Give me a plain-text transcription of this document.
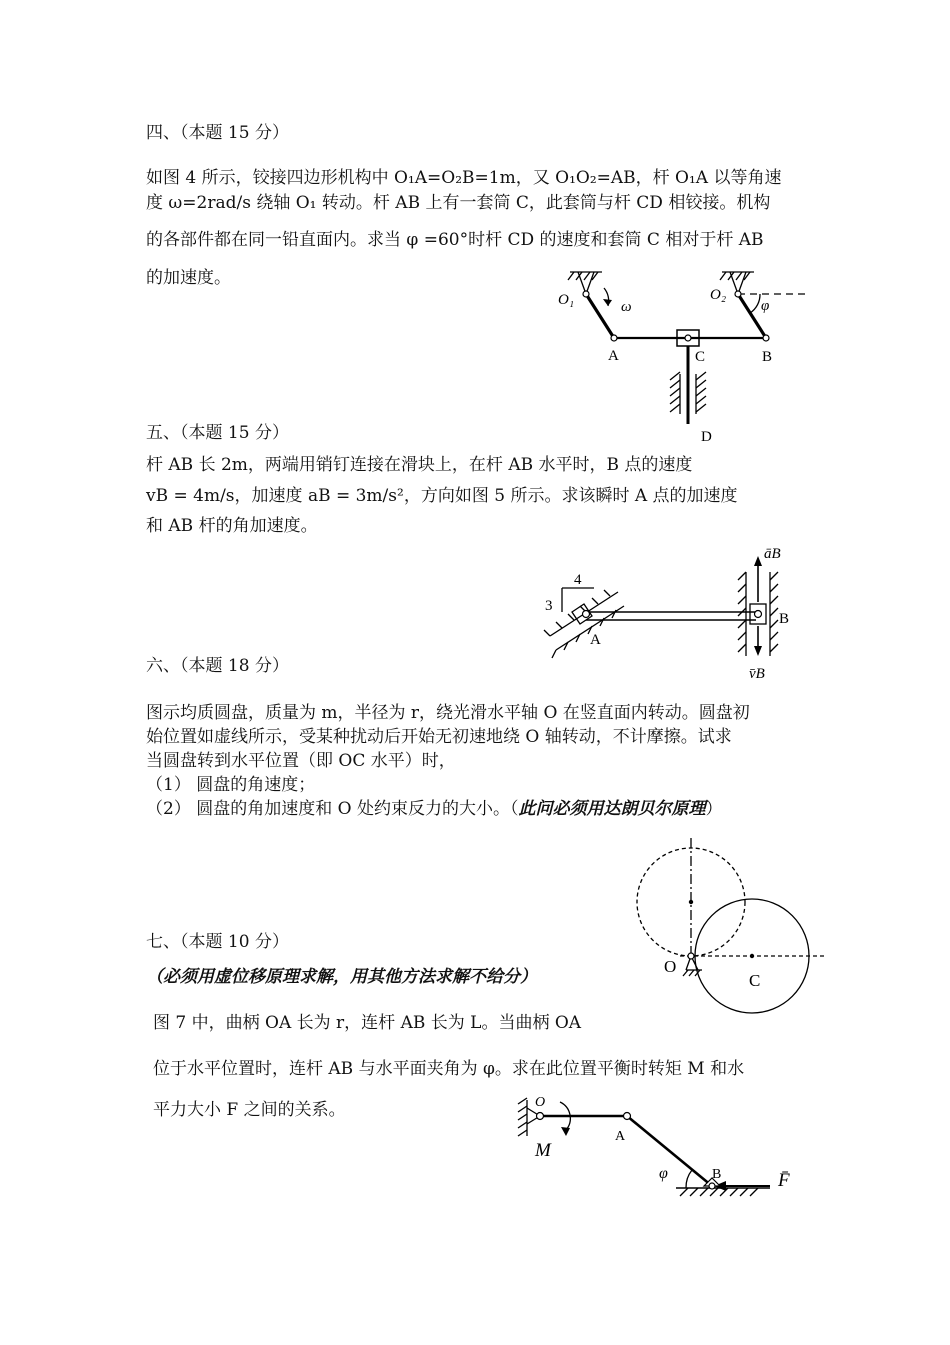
四、（本题 15 分）
如图 4 所示，铰接四边形机构中 O₁A=O₂B=1m，又 O₁O₂=AB，杆 O₁A 以等角速
度 ω=2rad/s 绕轴 O₁ 转动。杆 AB 上有一套筒 C，此套筒与杆 CD 相铰接。机构
的各部件都在同一铅直面内。求当 φ =60°时杆 CD 的速度和套筒 C 相对于杆 AB
的加速度。
O₁	ω
O₂
φ
A	C	B
D
五、（本题 15 分）
杆 AB 长 2m，两端用销钉连接在滑块上，在杆 AB 水平时，B 点的速度
vB = 4m/s，加速度 aB = 3m/s²，方向如图 5 所示。求该瞬时 A 点的加速度
和 AB 杆的角加速度。
4
3
A
B
āB
v̄B
六、（本题 18 分）
图示均质圆盘，质量为 m，半径为 r，绕光滑水平轴 O 在竖直面内转动。圆盘初
始位置如虚线所示，受某种扰动后开始无初速地绕 O 轴转动，不计摩擦。试求
当圆盘转到水平位置（即 OC 水平）时，
（1） 圆盘的角速度；
（2） 圆盘的角加速度和 O 处约束反力的大小。（此问必须用达朗贝尔原理）
O
C
七、（本题 10 分）
（必须用虚位移原理求解，用其他方法求解不给分）
图 7 中，曲柄 OA 长为 r，连杆 AB 长为 L。当曲柄 OA
位于水平位置时，连杆 AB 与水平面夹角为 φ。求在此位置平衡时转矩 M 和水
平力大小 F 之间的关系。	O
M
A
φ	B	F̄
